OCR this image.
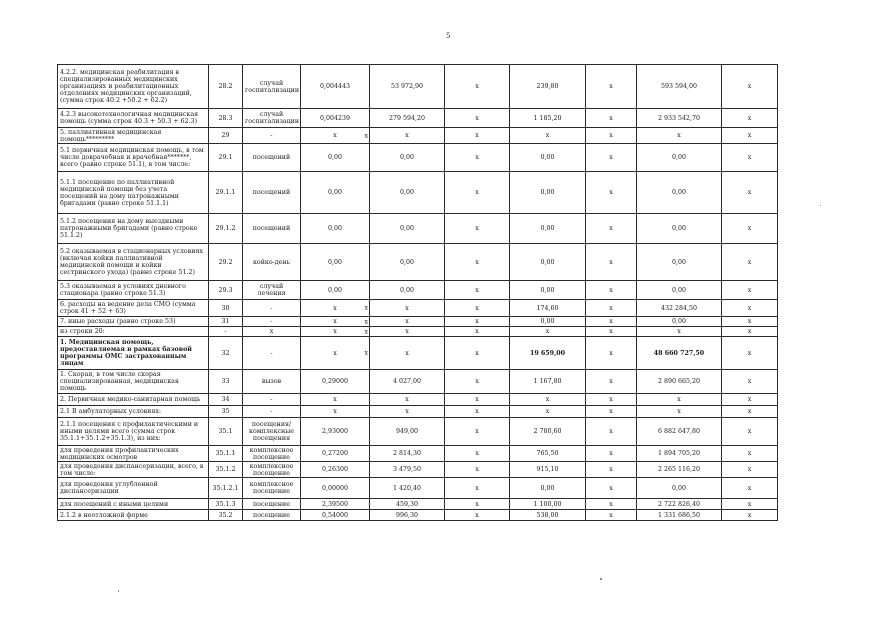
5
4.2.2. медицинская реабилитация в специализированных медицинских организациях и реабилитационных отделениях медицинских организаций, (сумма строк 40.2 +50.2 + 62.2)	28.2	случай госпитализации	0,004443	53 972,90	x	239,80	x	593 594,00	x
4.2.3 высокотехнологичная медицинская помощь (сумма строк 40.3 + 50.3 + 62.3)	28.3	случай госпитализации	0,004239	279 594,20	x	1 185,20	x	2 933 542,70	x
5. паллиативная медицинская помощь*********	29	-	x x	x	x	x	x	x	x
5.1 первичная медицинская помощь, в том числе доврачебная и врачебная*******, всего (равно строке 51.1), в том числе:	29.1	посещений	0,00	0,00	x	0,00	x	0,00	x
5.1.1 посещение по паллиативной медицинской помощи без учета посещений на дому патронажными бригадами (равно строке 51.1.1)	29.1.1	посещений	0,00	0,00	x	0,00	x	0,00	x
5.1.2 посещения на дому выездными патронажными бригадами (равно строке 51.1.2)	29.1.2	посещений	0,00	0,00	x	0,00	x	0,00	x
5.2 оказываемая в стационарных условиях (включая койки паллиативной медицинской помощи и койки сестринского ухода) (равно строке 51.2)	29.2	койко-день	0,00	0,00	x	0,00	x	0,00	x
5.3 оказываемая в условиях дневного стационара (равно строке 51.3)	29.3	случай лечения	0,00	0,00	x	0,00	x	0,00	x
6. расходы на ведение дела СМО (сумма строк 41 + 52 + 63)	30	-	x x	x	x	174,60	x	432 284,50	x
7. иные расходы (равно строке 53)	31	-	x x	x	x	0,00	x	0,00	x
из строки 20:	-	x	x x	x	x	x	x	x	x
1. Медицинская помощь, предоставляемая в рамках базовой программы ОМС застрахованным лицам	32	-	x x	x	x	19 659,00	x	48 660 727,50	x
1. Скорая, в том числе скорая специализированная, медицинская помощь	33	вызов	0,29000	4 027,00	x	1 167,80	x	2 890 665,20	x
2. Первичная медико-санитарная помощь	34	-	x	x	x	x	x	x	x
2.1 В амбулаторных условиях:	35	-	x	x	x	x	x	x	x
2.1.1 посещения с профилактическими и иными целями всего (сумма строк 35.1.1+35.1.2+35.1.3), из них:	35.1	посещения/комплексные посещения	2,93000	949,00	x	2 780,60	x	6 882 647,80	x
для проведения профилактических медицинских осмотров	35.1.1	комплексное посещение	0,27200	2 814,30	x	765,50	x	1 894 705,20	x
для проведения диспансеризации, всего, в том числе:	35.1.2	комплексное посещение	0,26300	3 479,50	x	915,10	x	2 265 116,20	x
для проведения углубленной диспансеризации	35.1.2.1	комплексное посещение	0,00000	1 420,40	x	0,00	x	0,00	x
для посещений с иными целями	35.1.3	посещение	2,39500	459,30	x	1 100,00	x	2 722 826,40	x
2.1.2 в неотложной форме	35.2	посещение	0,54000	996,30	x	538,00	x	1 331 686,50	x
